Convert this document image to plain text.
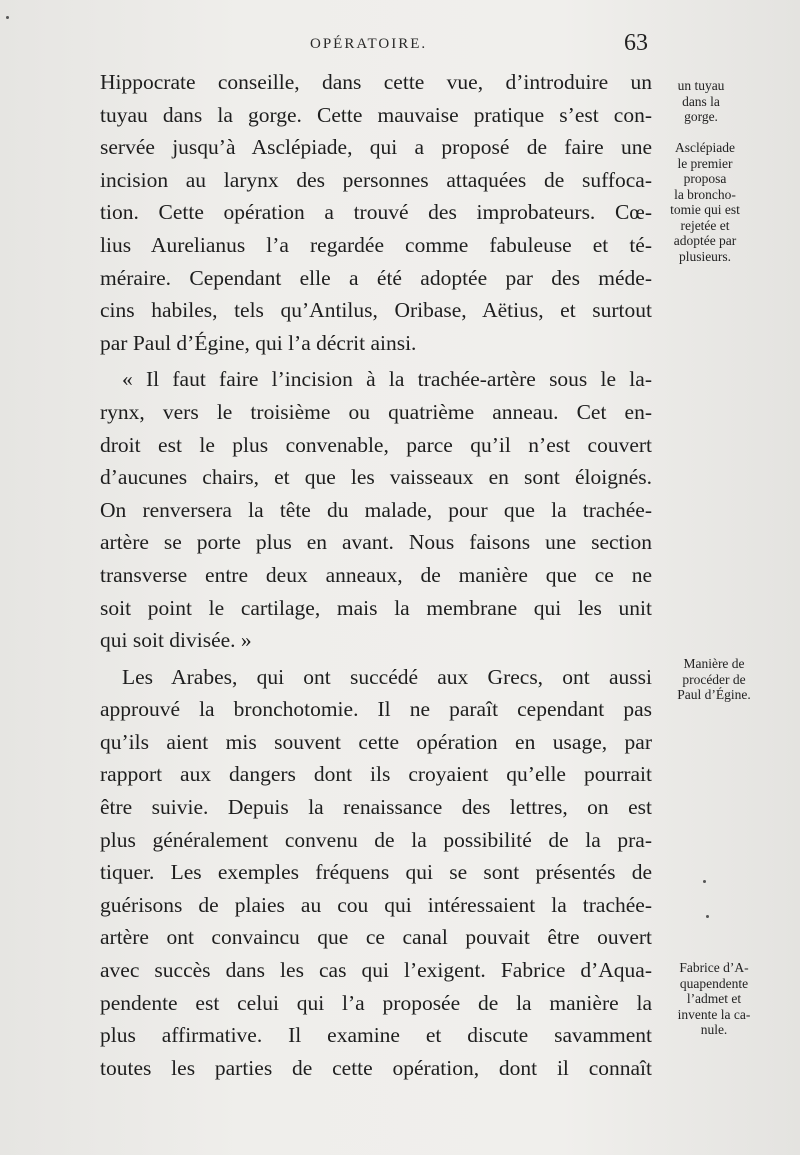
OPÉRATOIRE.	63
Hippocrate conseille, dans cette vue, d’introduire un
tuyau dans la gorge. Cette mauvaise pratique s’est con-
servée jusqu’à Asclépiade, qui a proposé de faire une
incision au larynx des personnes attaquées de suffoca-
tion. Cette opération a trouvé des improbateurs. Cœ-
lius Aurelianus l’a regardée comme fabuleuse et té-
méraire. Cependant elle a été adoptée par des méde-
cins habiles, tels qu’Antilus, Oribase, Aëtius, et surtout
par Paul d’Égine, qui l’a décrit ainsi.
« Il faut faire l’incision à la trachée-artère sous le la-
rynx, vers le troisième ou quatrième anneau. Cet en-
droit est le plus convenable, parce qu’il n’est couvert
d’aucunes chairs, et que les vaisseaux en sont éloignés.
On renversera la tête du malade, pour que la trachée-
artère se porte plus en avant. Nous faisons une section
transverse entre deux anneaux, de manière que ce ne
soit point le cartilage, mais la membrane qui les unit
qui soit divisée. »
Les Arabes, qui ont succédé aux Grecs, ont aussi
approuvé la bronchotomie. Il ne paraît cependant pas
qu’ils aient mis souvent cette opération en usage, par
rapport aux dangers dont ils croyaient qu’elle pourrait
être suivie. Depuis la renaissance des lettres, on est
plus généralement convenu de la possibilité de la pra-
tiquer. Les exemples fréquens qui se sont présentés de
guérisons de plaies au cou qui intéressaient la trachée-
artère ont convaincu que ce canal pouvait être ouvert
avec succès dans les cas qui l’exigent. Fabrice d’Aqua-
pendente est celui qui l’a proposée de la manière la
plus affirmative. Il examine et discute savamment
toutes les parties de cette opération, dont il connaît
un tuyau
dans la
gorge.
Asclépiade
le premier
proposa
la broncho-
tomie qui est
rejetée et
adoptée par
plusieurs.
Manière de
procéder de
Paul d’Égine.
Fabrice d’A-
quapendente
l’admet et
invente la ca-
nule.
